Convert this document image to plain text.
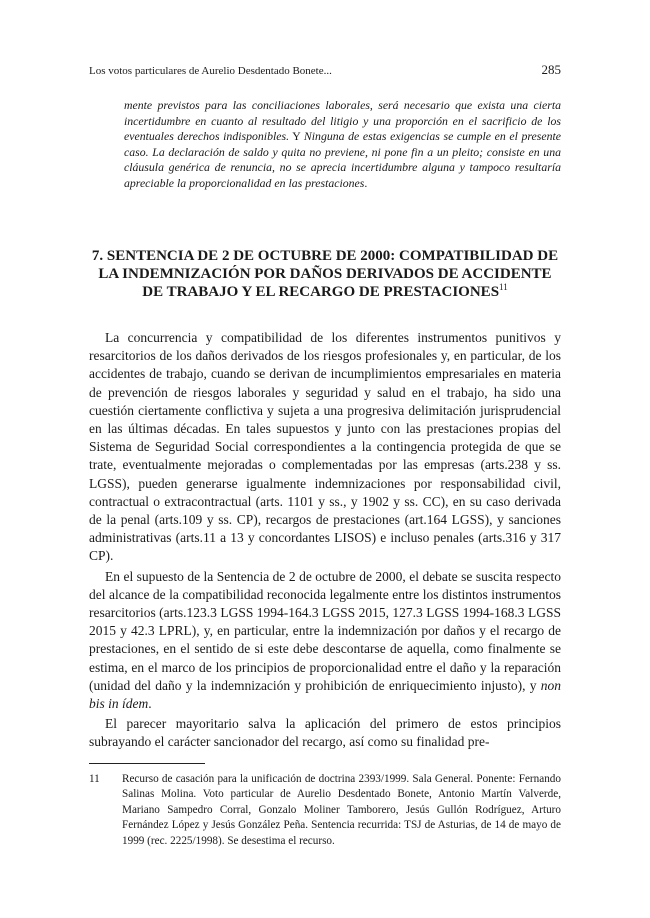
Los votos particulares de Aurelio Desdentado Bonete...	285
mente previstos para las conciliaciones laborales, será necesario que exista una cierta incertidumbre en cuanto al resultado del litigio y una proporción en el sacrificio de los eventuales derechos indisponibles. Y Ninguna de estas exigencias se cumple en el presente caso. La declaración de saldo y quita no previene, ni pone fin a un pleito; consiste en una cláusula genérica de renuncia, no se aprecia incertidumbre alguna y tampoco resultaría apreciable la proporcionalidad en las prestaciones.
7. SENTENCIA DE 2 DE OCTUBRE DE 2000: COMPATIBILIDAD DE LA INDEMNIZACIÓN POR DAÑOS DERIVADOS DE ACCIDENTE DE TRABAJO Y EL RECARGO DE PRESTACIONES$^{11}$

La concurrencia y compatibilidad de los diferentes instrumentos punitivos y resarcitorios de los daños derivados de los riesgos profesionales y, en particular, de los accidentes de trabajo, cuando se derivan de incumplimientos empresariales en materia de prevención de riesgos laborales y seguridad y salud en el trabajo, ha sido una cuestión ciertamente conflictiva y sujeta a una progresiva delimitación jurisprudencial en las últimas décadas. En tales supuestos y junto con las prestaciones propias del Sistema de Seguridad Social correspondientes a la contingencia protegida de que se trate, eventualmente mejoradas o complementadas por las empresas (arts.238 y ss. LGSS), pueden generarse igualmente indemnizaciones por responsabilidad civil, contractual o extracontractual (arts. 1101 y ss., y 1902 y ss. CC), en su caso derivada de la penal (arts.109 y ss. CP), recargos de prestaciones (art.164 LGSS), y sanciones administrativas (arts.11 a 13 y concordantes LISOS) e incluso penales (arts.316 y 317 CP).

En el supuesto de la Sentencia de 2 de octubre de 2000, el debate se suscita respecto del alcance de la compatibilidad reconocida legalmente entre los distintos instrumentos resarcitorios (arts.123.3 LGSS 1994-164.3 LGSS 2015, 127.3 LGSS 1994-168.3 LGSS 2015 y 42.3 LPRL), y, en particular, entre la indemnización por daños y el recargo de prestaciones, en el sentido de si este debe descontarse de aquella, como finalmente se estima, en el marco de los principios de proporcionalidad entre el daño y la reparación (unidad del daño y la indemnización y prohibición de enriquecimiento injusto), y non bis in ídem.

El parecer mayoritario salva la aplicación del primero de estos principios subrayando el carácter sancionador del recargo, así como su finalidad pre-

11	Recurso de casación para la unificación de doctrina 2393/1999. Sala General. Ponente: Fernando Salinas Molina. Voto particular de Aurelio Desdentado Bonete, Antonio Martín Valverde, Mariano Sampedro Corral, Gonzalo Moliner Tamborero, Jesús Gullón Rodríguez, Arturo Fernández López y Jesús González Peña. Sentencia recurrida: TSJ de Asturias, de 14 de mayo de 1999 (rec. 2225/1998). Se desestima el recurso.
